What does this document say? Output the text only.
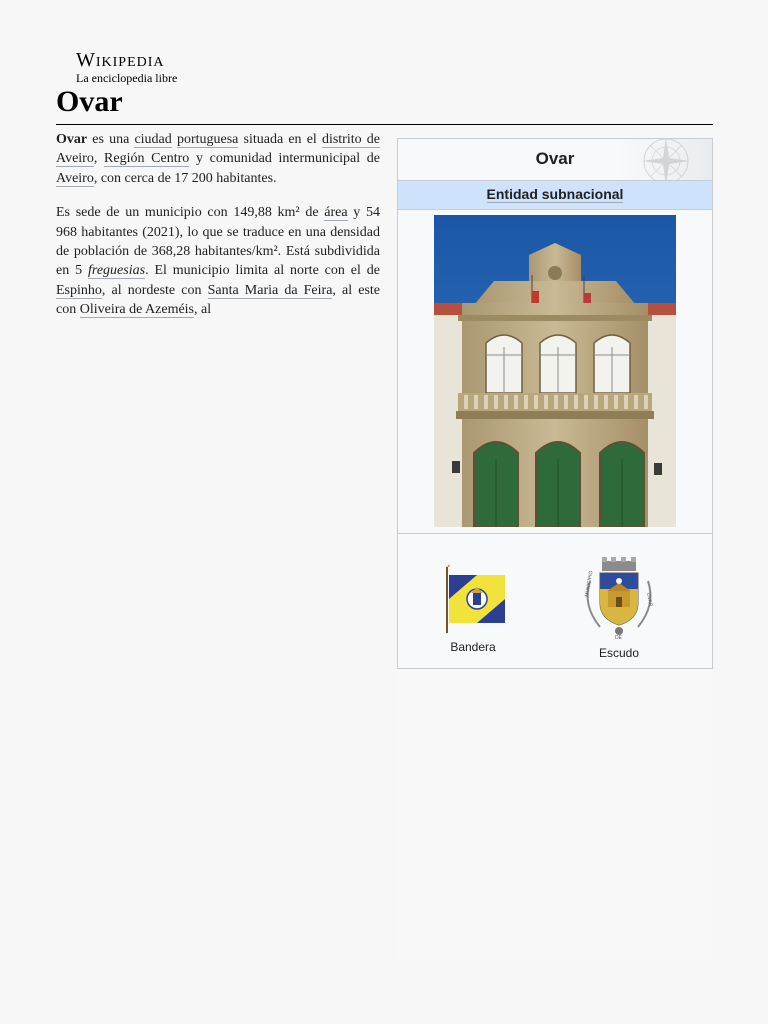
Wikipedia
La enciclopedia libre
Ovar

Ovar es una ciudad portuguesa situada en el distrito de Aveiro, Región Centro y comunidad intermunicipal de Aveiro, con cerca de 17 200 habitantes.

Es sede de un municipio con 149,88 km² de área y 54 968 habitantes (2021), lo que se traduce en una densidad de población de 368,28 habitantes/km². Está subdividida en 5 freguesias. El municipio limita al norte con el de Espinho, al nordeste con Santa Maria da Feira, al este con Oliveira de Azeméis, al

Ovar
Entidad subnacional
Bandera
MUNICÍPIO
OVAR
DE
Escudo
